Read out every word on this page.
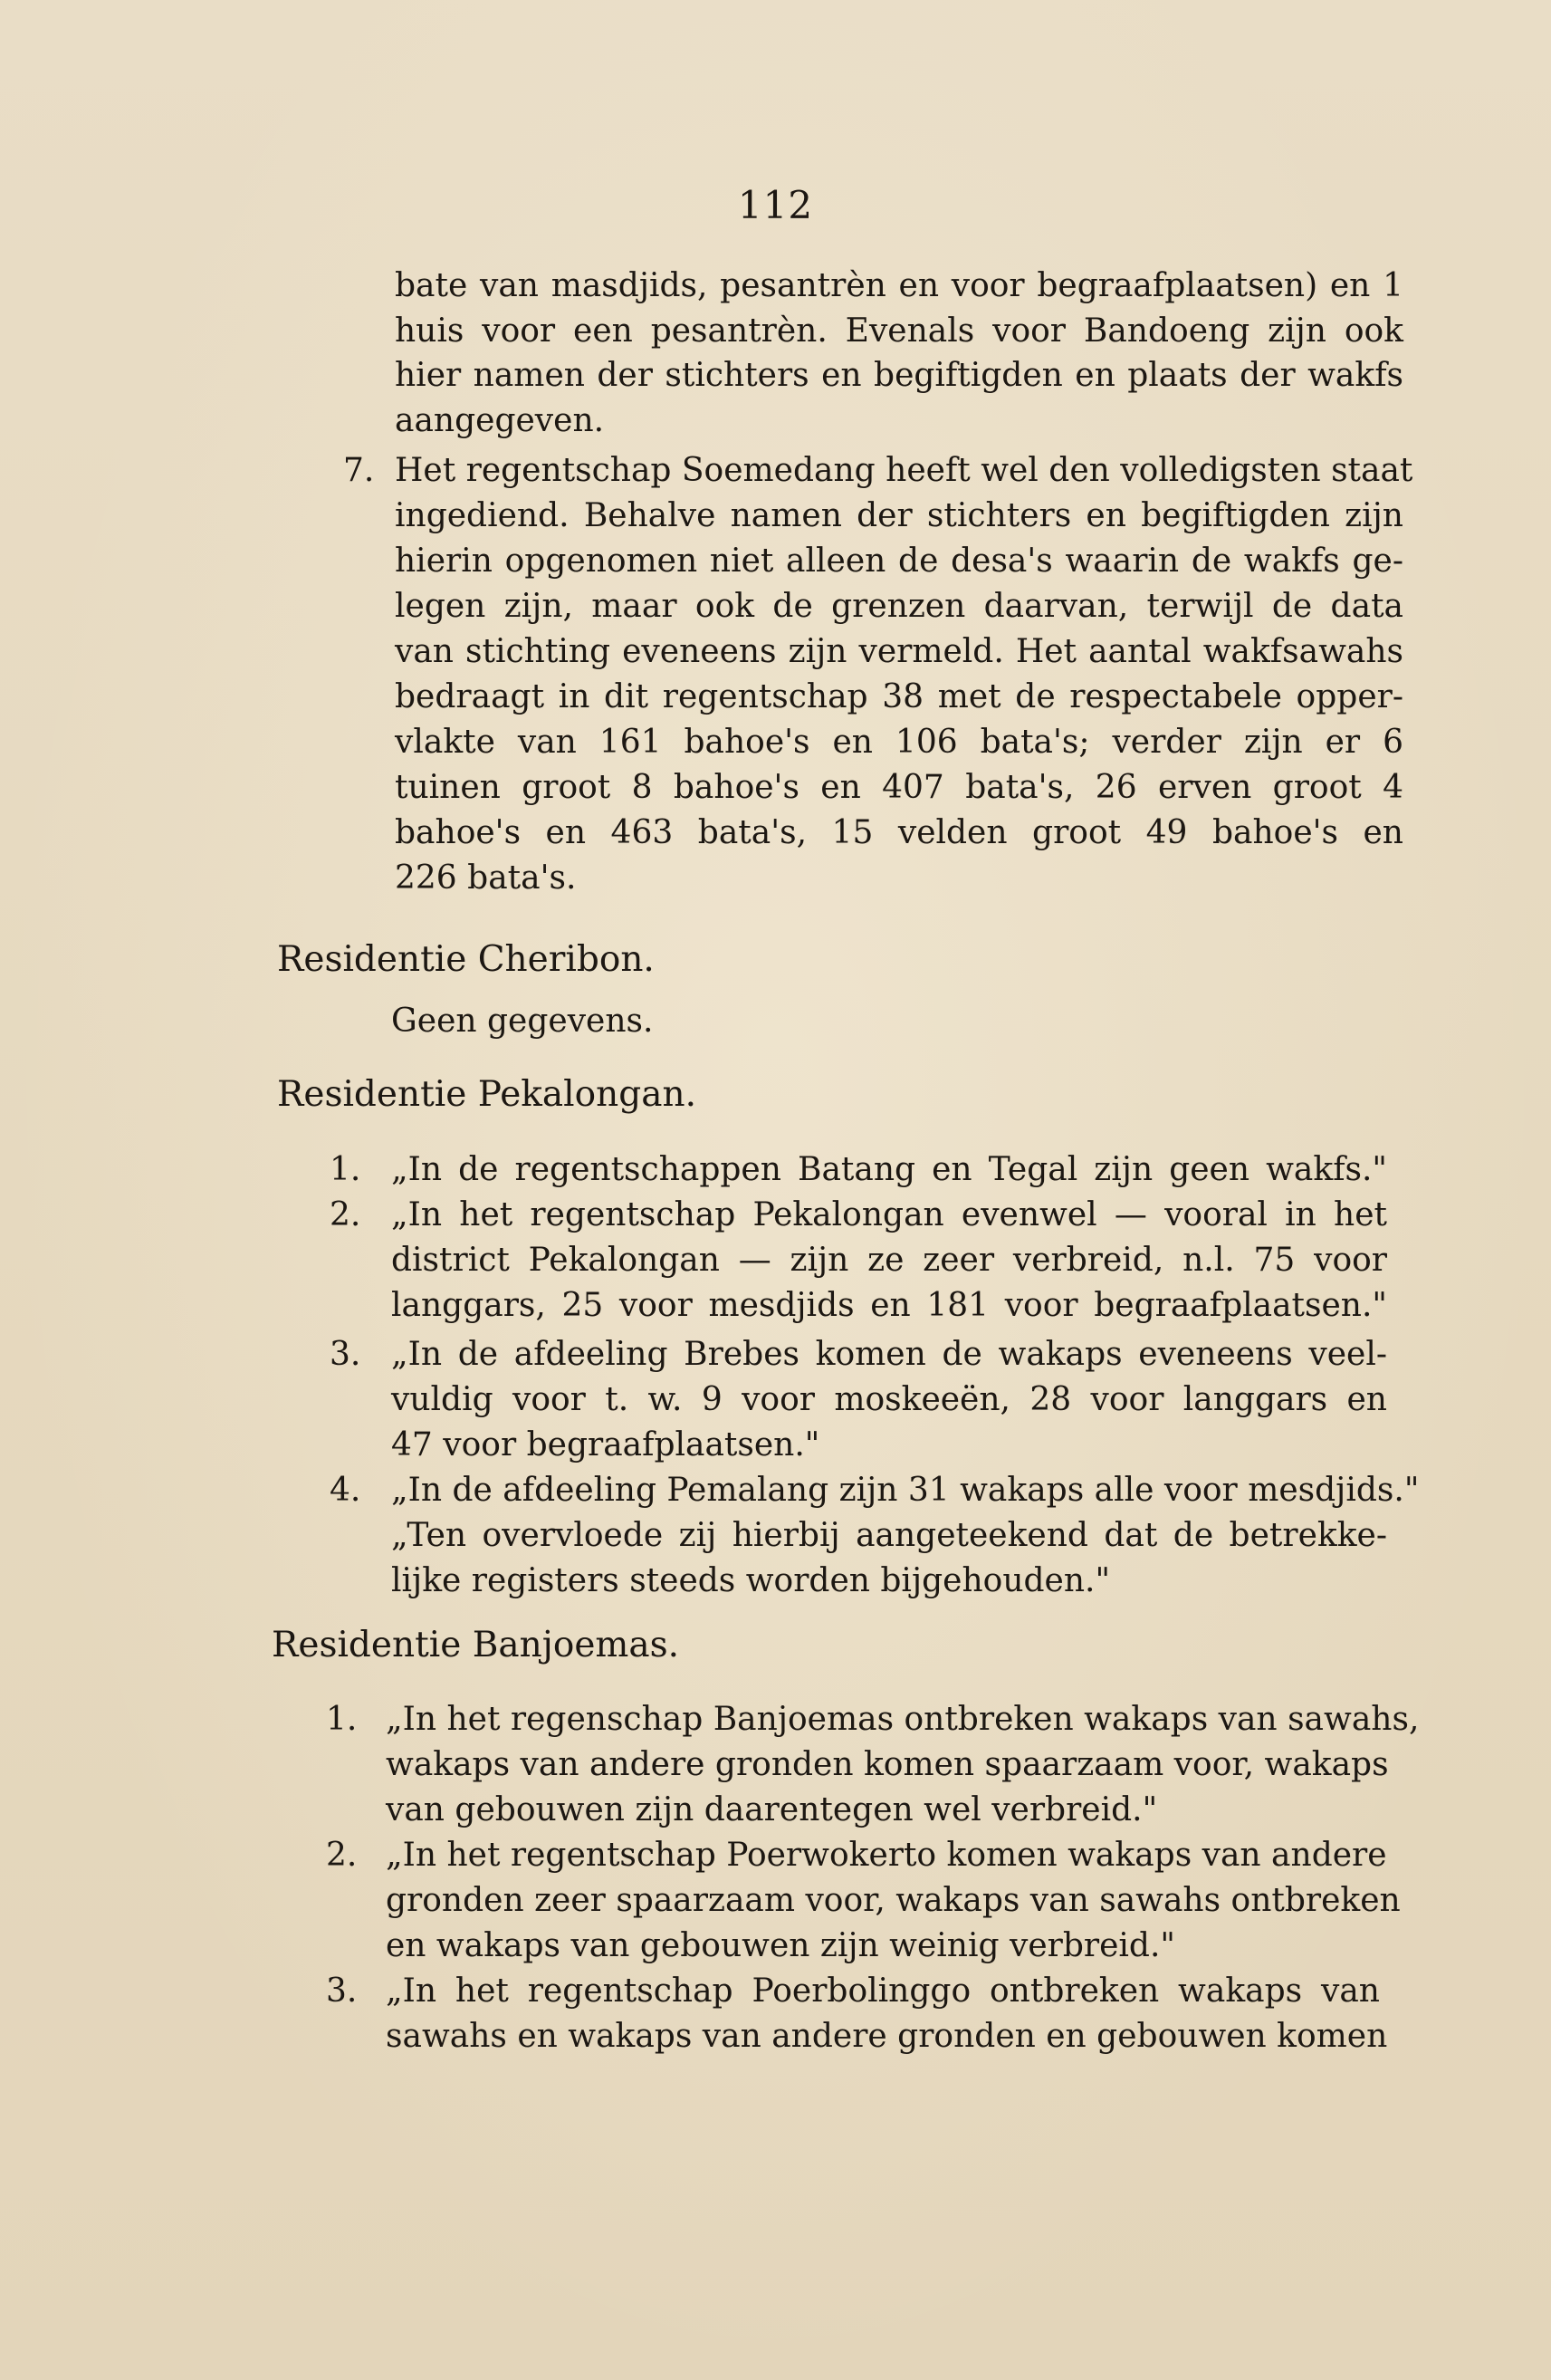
112
bate van masdjids, pesantrèn en voor begraafplaatsen) en 1
huis voor een pesantrèn. Evenals voor Bandoeng zijn ook
hier namen der stichters en begiftigden en plaats der wakfs
aangegeven.
7. Het regentschap Soemedang heeft wel den volledigsten staat
ingediend. Behalve namen der stichters en begiftigden zijn
hierin opgenomen niet alleen de desa's waarin de wakfs ge-
legen zijn, maar ook de grenzen daarvan, terwijl de data
van stichting eveneens zijn vermeld. Het aantal wakfsawahs
bedraagt in dit regentschap 38 met de respectabele opper-
vlakte van 161 bahoe's en 106 bata's; verder zijn er 6
tuinen groot 8 bahoe's en 407 bata's, 26 erven groot 4
bahoe's en 463 bata's, 15 velden groot 49 bahoe's en
226 bata's.
Residentie Cheribon.
Geen gegevens.
Residentie Pekalongan.
1. „In de regentschappen Batang en Tegal zijn geen wakfs."
2. „In het regentschap Pekalongan evenwel — vooral in het
district Pekalongan — zijn ze zeer verbreid, n.l. 75 voor
langgars, 25 voor mesdjids en 181 voor begraafplaatsen."
3. „In de afdeeling Brebes komen de wakaps eveneens veel-
vuldig voor t. w. 9 voor moskeeën, 28 voor langgars en
47 voor begraafplaatsen."
4. „In de afdeeling Pemalang zijn 31 wakaps alle voor mesdjids."
„Ten overvloede zij hierbij aangeteekend dat de betrekke-
lijke registers steeds worden bijgehouden."
Residentie Banjoemas.
1. „In het regenschap Banjoemas ontbreken wakaps van sawahs,
wakaps van andere gronden komen spaarzaam voor, wakaps
van gebouwen zijn daarentegen wel verbreid."
2. „In het regentschap Poerwokerto komen wakaps van andere
gronden zeer spaarzaam voor, wakaps van sawahs ontbreken
en wakaps van gebouwen zijn weinig verbreid."
3. „In het regentschap Poerbolinggo ontbreken wakaps van
sawahs en wakaps van andere gronden en gebouwen komen
